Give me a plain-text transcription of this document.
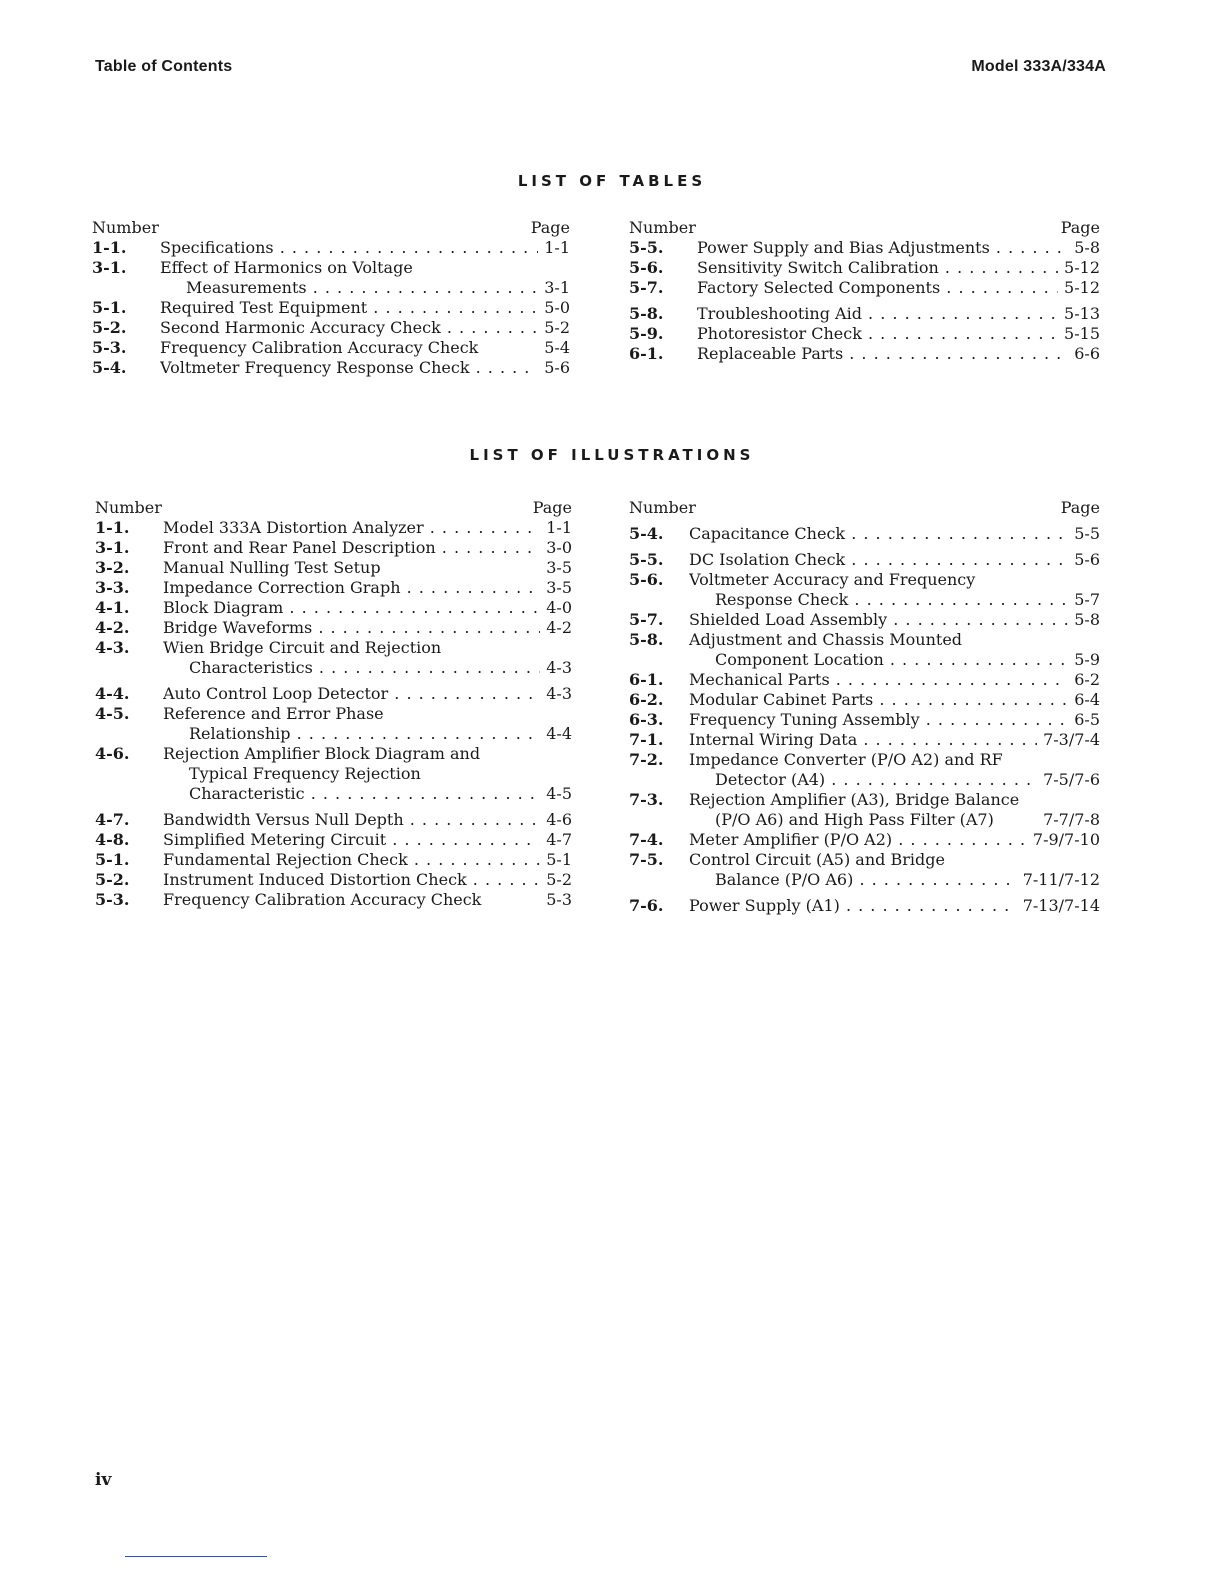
Table of Contents	Model 333A/334A
LIST OF TABLES
Number	Page
1-1.	Specifications . . .	1-1
3-1.	Effect of Harmonics on Voltage
Measurements . . .	3-1
5-1.	Required Test Equipment . . .	5-0
5-2.	Second Harmonic Accuracy Check . . .	5-2
5-3.	Frequency Calibration Accuracy Check	5-4
5-4.	Voltmeter Frequency Response Check . . .	5-6
Number	Page
5-5.	Power Supply and Bias Adjustments . . .	5-8
5-6.	Sensitivity Switch Calibration . . .	5-12
5-7.	Factory Selected Components . . .	5-12
5-8.	Troubleshooting Aid . . .	5-13
5-9.	Photoresistor Check . . .	5-15
6-1.	Replaceable Parts . . .	6-6
LIST OF ILLUSTRATIONS
Number	Page
1-1.	Model 333A Distortion Analyzer . . .	1-1
3-1.	Front and Rear Panel Description . . .	3-0
3-2.	Manual Nulling Test Setup	3-5
3-3.	Impedance Correction Graph . . .	3-5
4-1.	Block Diagram . . .	4-0
4-2.	Bridge Waveforms . . .	4-2
4-3.	Wien Bridge Circuit and Rejection
Characteristics . . .	4-3
4-4.	Auto Control Loop Detector . . .	4-3
4-5.	Reference and Error Phase
Relationship . . .	4-4
4-6.	Rejection Amplifier Block Diagram and
Typical Frequency Rejection
Characteristic . . .	4-5
4-7.	Bandwidth Versus Null Depth . . .	4-6
4-8.	Simplified Metering Circuit . . .	4-7
5-1.	Fundamental Rejection Check . . .	5-1
5-2.	Instrument Induced Distortion Check . . .	5-2
5-3.	Frequency Calibration Accuracy Check	5-3
Number	Page
5-4.	Capacitance Check . . .	5-5
5-5.	DC Isolation Check . . .	5-6
5-6.	Voltmeter Accuracy and Frequency
Response Check . . .	5-7
5-7.	Shielded Load Assembly . . .	5-8
5-8.	Adjustment and Chassis Mounted
Component Location . . .	5-9
6-1.	Mechanical Parts . . .	6-2
6-2.	Modular Cabinet Parts . . .	6-4
6-3.	Frequency Tuning Assembly . . .	6-5
7-1.	Internal Wiring Data . . .	7-3/7-4
7-2.	Impedance Converter (P/O A2) and RF
Detector (A4) . . .	7-5/7-6
7-3.	Rejection Amplifier (A3), Bridge Balance
(P/O A6) and High Pass Filter (A7)	7-7/7-8
7-4.	Meter Amplifier (P/O A2) . . .	7-9/7-10
7-5.	Control Circuit (A5) and Bridge
Balance (P/O A6) . . .	7-11/7-12
7-6.	Power Supply (A1) . . .	7-13/7-14
iv
